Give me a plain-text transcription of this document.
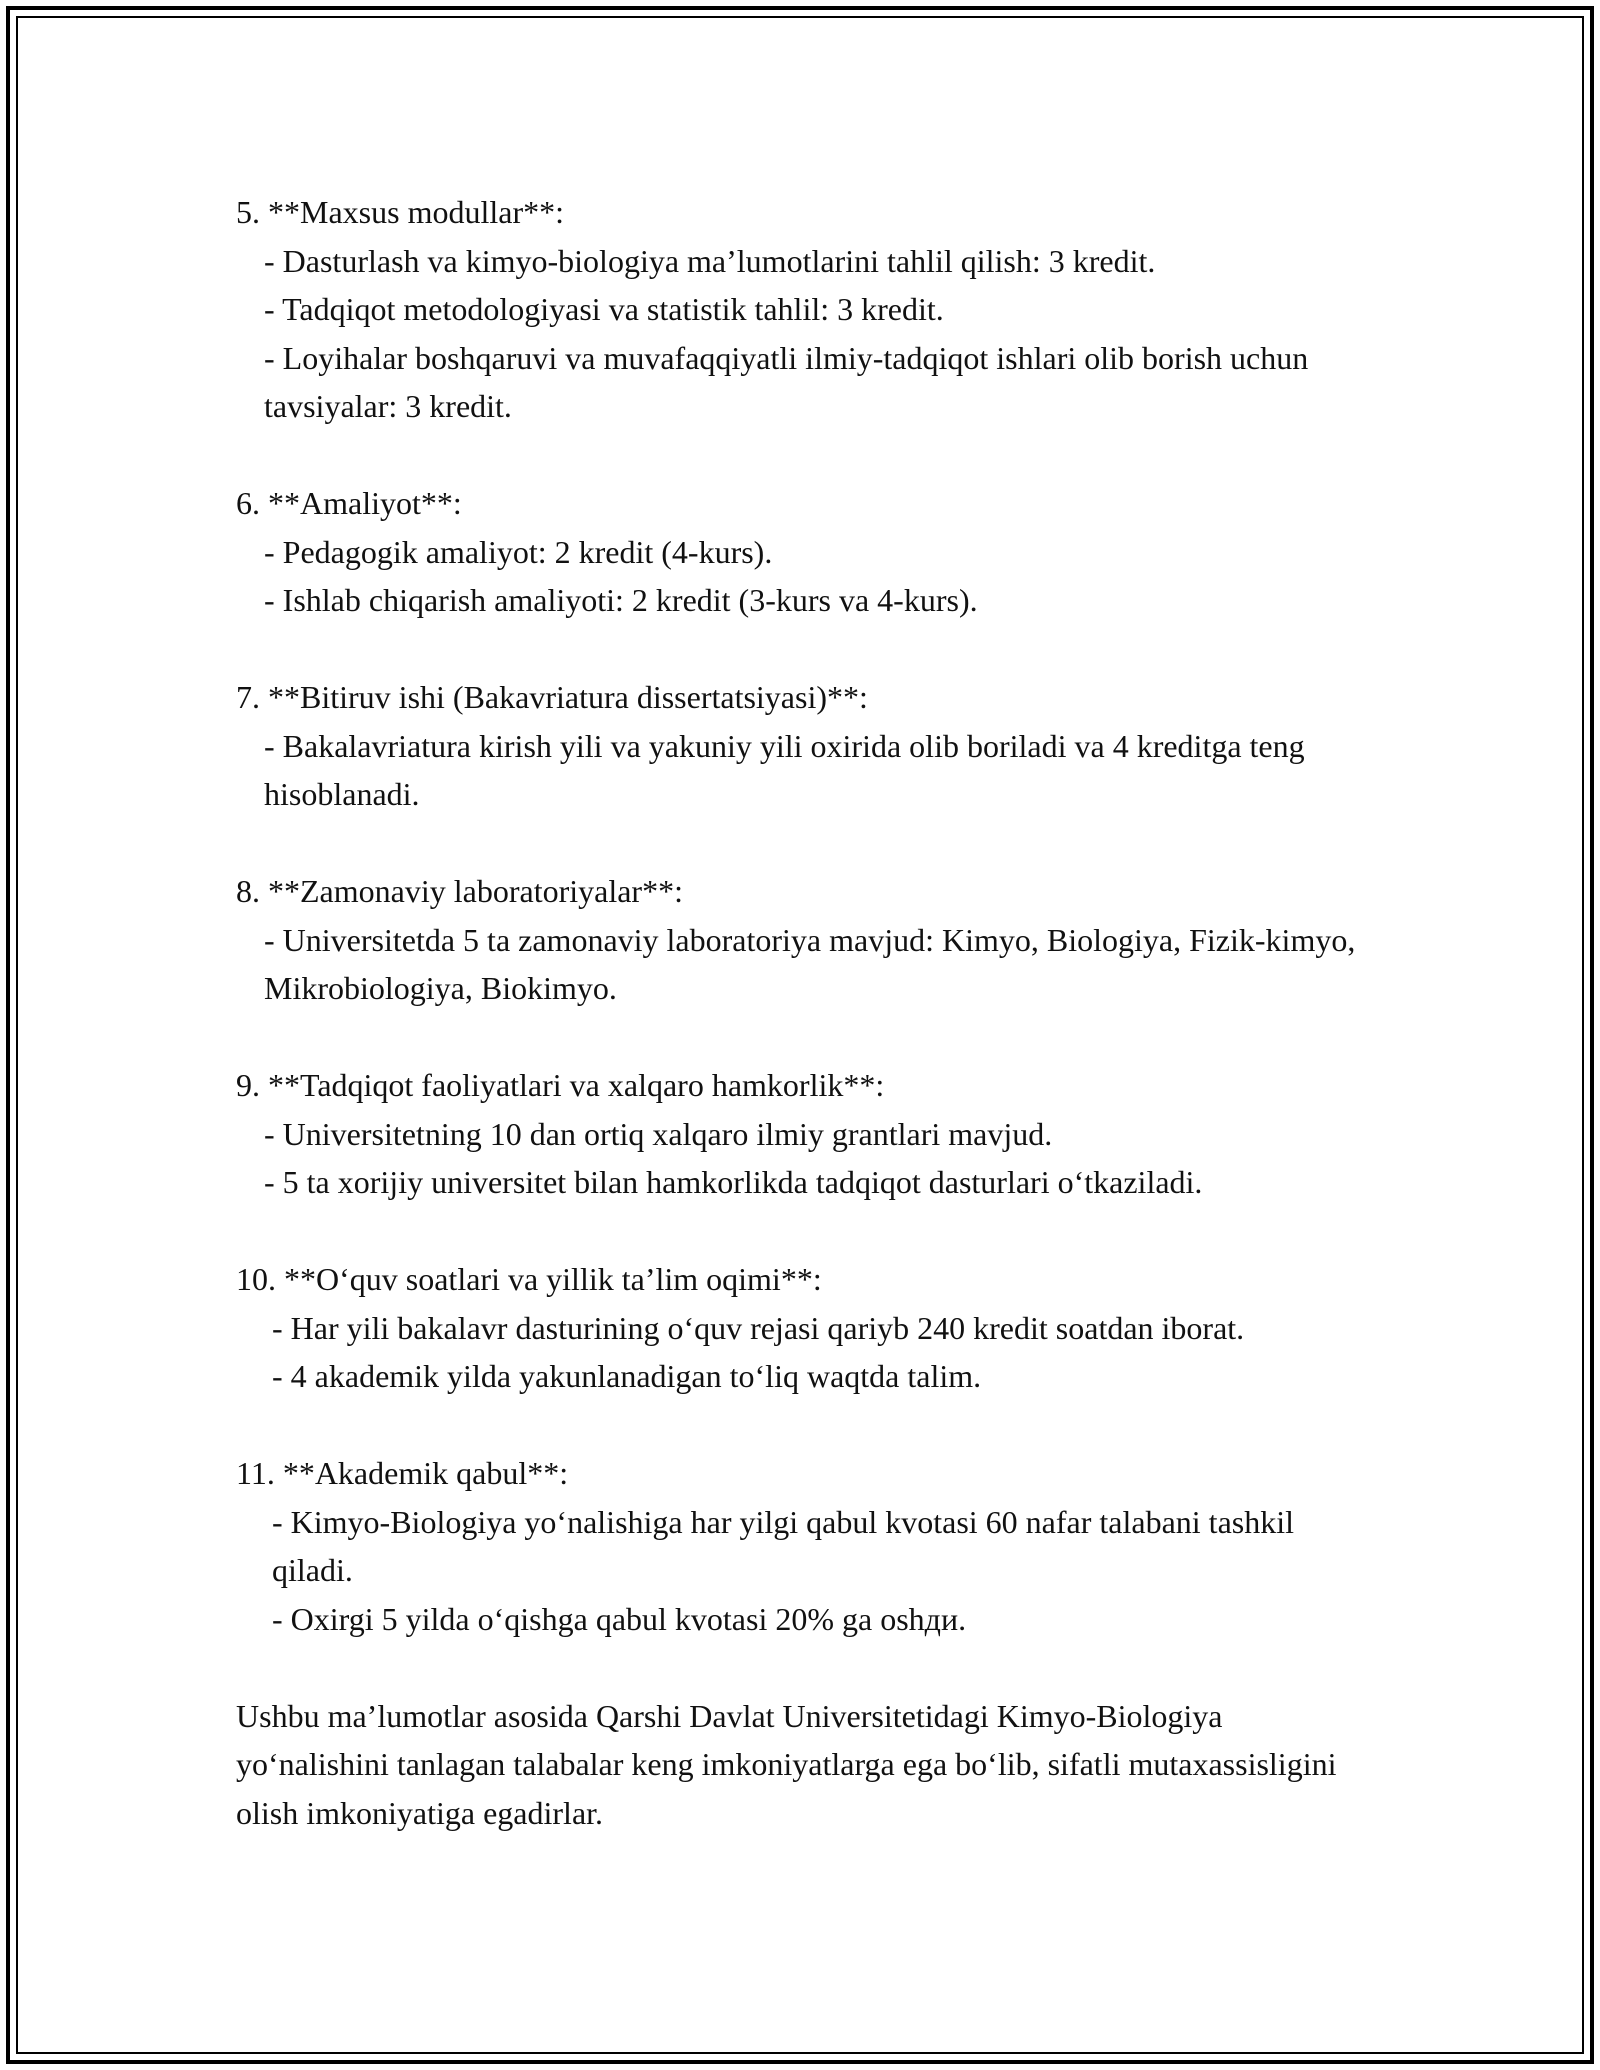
5. **Maxsus modullar**:
- Dasturlash va kimyo-biologiya ma’lumotlarini tahlil qilish: 3 kredit.
- Tadqiqot metodologiyasi va statistik tahlil: 3 kredit.
- Loyihalar boshqaruvi va muvafaqqiyatli ilmiy-tadqiqot ishlari olib borish uchun tavsiyalar: 3 kredit.
6. **Amaliyot**:
- Pedagogik amaliyot: 2 kredit (4-kurs).
- Ishlab chiqarish amaliyoti: 2 kredit (3-kurs va 4-kurs).
7. **Bitiruv ishi (Bakavriatura dissertatsiyasi)**:
- Bakalavriatura kirish yili va yakuniy yili oxirida olib boriladi va 4 kreditga teng hisoblanadi.
8. **Zamonaviy laboratoriyalar**:
- Universitetda 5 ta zamonaviy laboratoriya mavjud: Kimyo, Biologiya, Fizik-kimyo, Mikrobiologiya, Biokimyo.
9. **Tadqiqot faoliyatlari va xalqaro hamkorlik**:
- Universitetning 10 dan ortiq xalqaro ilmiy grantlari mavjud.
- 5 ta xorijiy universitet bilan hamkorlikda tadqiqot dasturlari o‘tkaziladi.
10. **O‘quv soatlari va yillik ta’lim oqimi**:
- Har yili bakalavr dasturining o‘quv rejasi qariyb 240 kredit soatdan iborat.
- 4 akademik yilda yakunlanadigan to‘liq waqtda talim.
11. **Akademik qabul**:
- Kimyo-Biologiya yo‘nalishiga har yilgi qabul kvotasi 60 nafar talabani tashkil qiladi.
- Oxirgi 5 yilda o‘qishga qabul kvotasi 20% ga oshди.

Ushbu ma’lumotlar asosida Qarshi Davlat Universitetidagi Kimyo-Biologiya yo‘nalishini tanlagan talabalar keng imkoniyatlarga ega bo‘lib, sifatli mutaxassisligini olish imkoniyatiga egadirlar.
